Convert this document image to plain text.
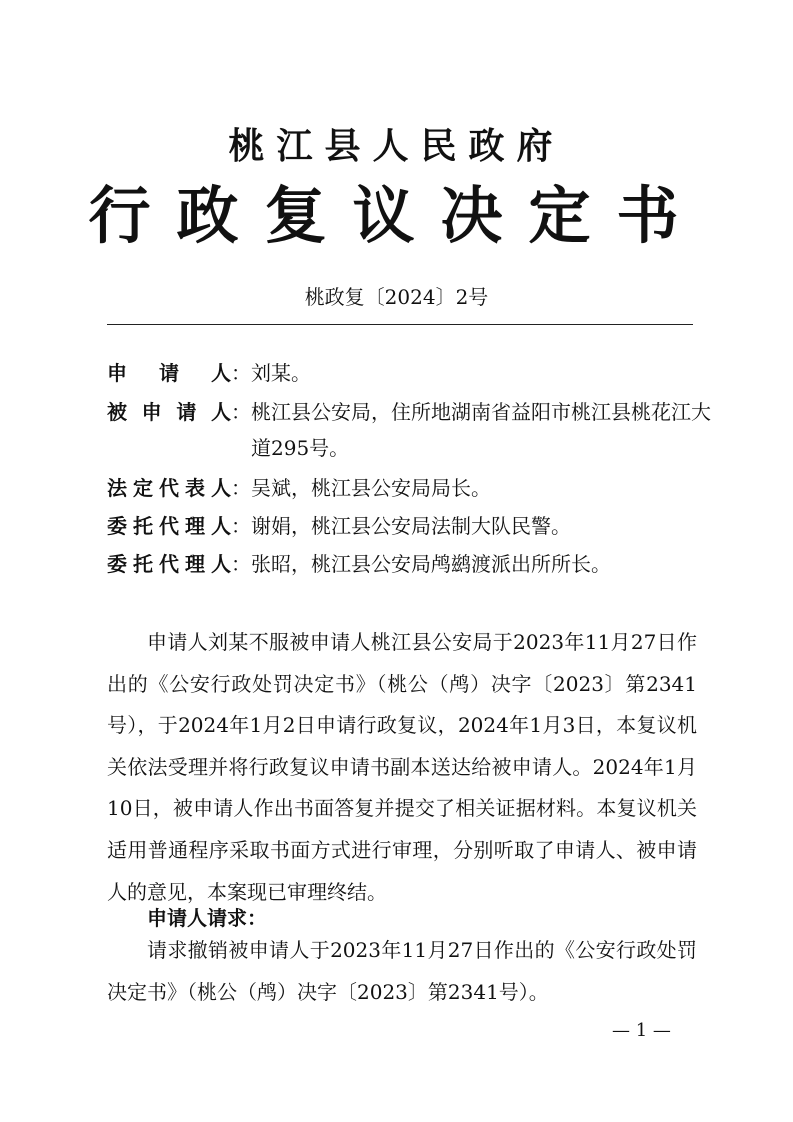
桃江县人民政府
行政复议决定书
桃政复〔2024〕2号
申请人：刘某。
被申请人：桃江县公安局，住所地湖南省益阳市桃江县桃花江大道295号。
法定代表人：吴斌，桃江县公安局局长。
委托代理人：谢娟，桃江县公安局法制大队民警。
委托代理人：张昭，桃江县公安局鸬鹚渡派出所所长。
申请人刘某不服被申请人桃江县公安局于2023年11月27日作出的《公安行政处罚决定书》（桃公（鸬）决字〔2023〕第2341号），于2024年1月2日申请行政复议，2024年1月3日，本复议机关依法受理并将行政复议申请书副本送达给被申请人。2024年1月10日，被申请人作出书面答复并提交了相关证据材料。本复议机关适用普通程序采取书面方式进行审理，分别听取了申请人、被申请人的意见，本案现已审理终结。
申请人请求：
请求撤销被申请人于2023年11月27日作出的《公安行政处罚决定书》（桃公（鸬）决字〔2023〕第2341号）。
— 1 —
